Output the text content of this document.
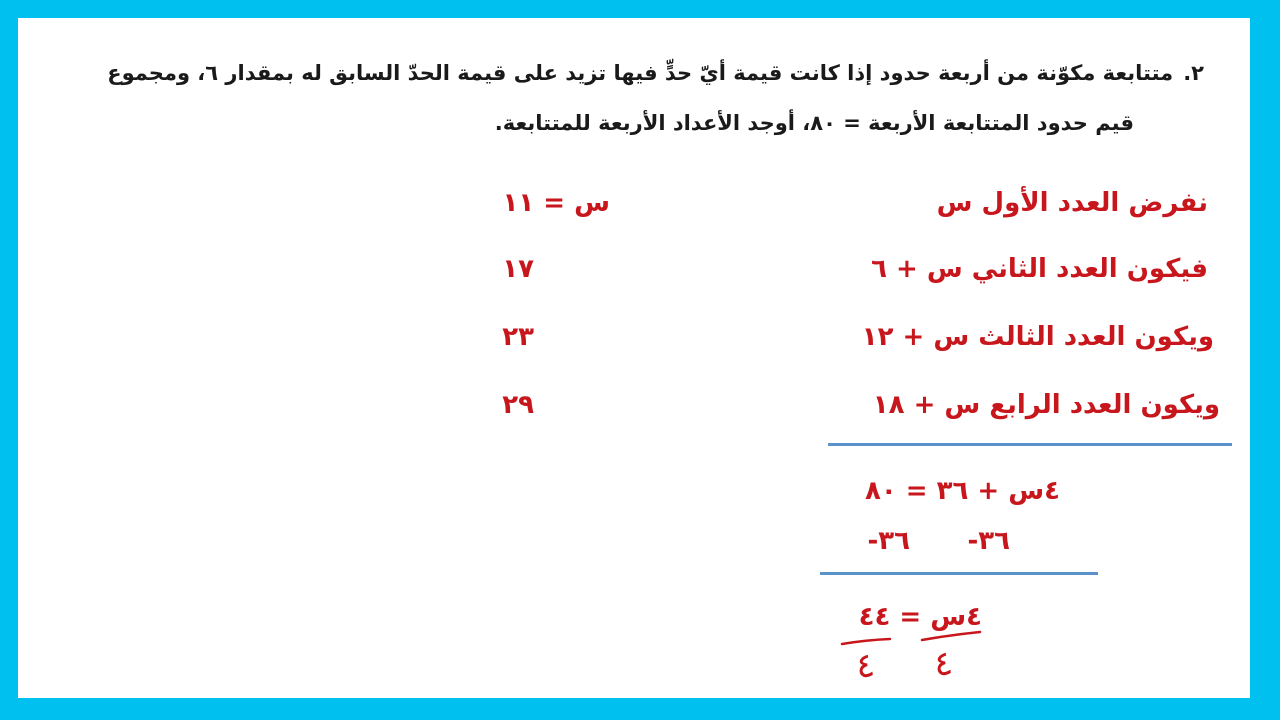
٢.متتابعة مكوّنة من أربعة حدود إذا كانت قيمة أيّ حدٍّ فيها تزيد على قيمة الحدّ السابق له بمقدار ٦، ومجموع
قيم حدود المتتابعة الأربعة = ٨٠، أوجد الأعداد الأربعة للمتتابعة.
نفرض العدد الأول س
فيكون العدد الثاني س + ٦
ويكون العدد الثالث س + ١٢
ويكون العدد الرابع س + ١٨
س = ١١
١٧
٢٣
٢٩
٤س + ٣٦ = ٨٠
-٣٦
-٣٦
٤س = ٤٤
٤ ٤
